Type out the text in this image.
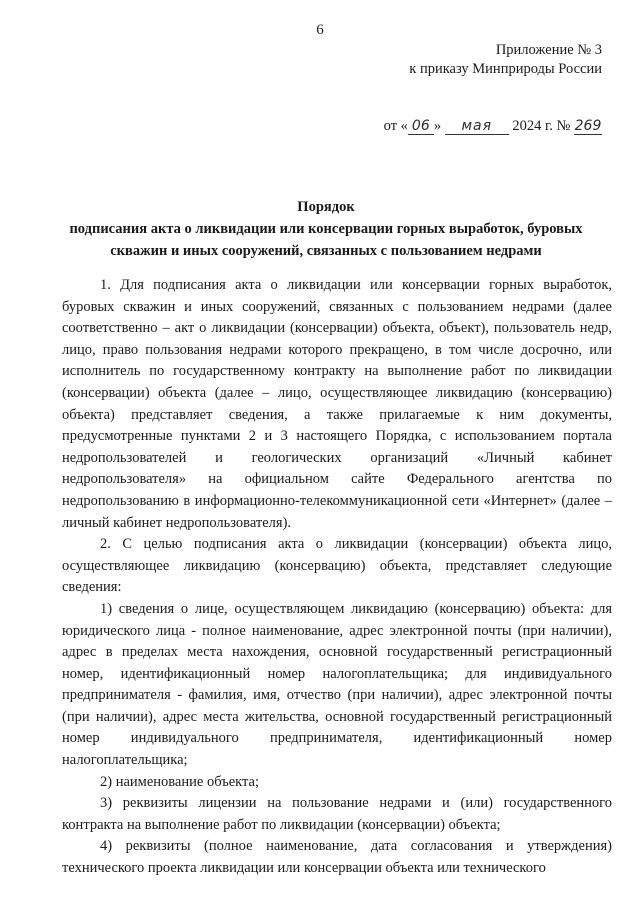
6
Приложение № 3
к приказу Минприроды России
от « 06 » мая 2024 г. № 269
Порядок
подписания акта о ликвидации или консервации горных выработок, буровых скважин и иных сооружений, связанных с пользованием недрами

1. Для подписания акта о ликвидации или консервации горных выработок, буровых скважин и иных сооружений, связанных с пользованием недрами (далее соответственно – акт о ликвидации (консервации) объекта, объект), пользователь недр, лицо, право пользования недрами которого прекращено, в том числе досрочно, или исполнитель по государственному контракту на выполнение работ по ликвидации (консервации) объекта (далее – лицо, осуществляющее ликвидацию (консервацию) объекта) представляет сведения, а также прилагаемые к ним документы, предусмотренные пунктами 2 и 3 настоящего Порядка, с использованием портала недропользователей и геологических организаций «Личный кабинет недропользователя» на официальном сайте Федерального агентства по недропользованию в информационно-телекоммуникационной сети «Интернет» (далее – личный кабинет недропользователя).

2. С целью подписания акта о ликвидации (консервации) объекта лицо, осуществляющее ликвидацию (консервацию) объекта, представляет следующие сведения:

1) сведения о лице, осуществляющем ликвидацию (консервацию) объекта: для юридического лица - полное наименование, адрес электронной почты (при наличии), адрес в пределах места нахождения, основной государственный регистрационный номер, идентификационный номер налогоплательщика; для индивидуального предпринимателя - фамилия, имя, отчество (при наличии), адрес электронной почты (при наличии), адрес места жительства, основной государственный регистрационный номер индивидуального предпринимателя, идентификационный номер налогоплательщика;

2) наименование объекта;

3) реквизиты лицензии на пользование недрами и (или) государственного контракта на выполнение работ по ликвидации (консервации) объекта;

4) реквизиты (полное наименование, дата согласования и утверждения) технического проекта ликвидации или консервации объекта или технического
